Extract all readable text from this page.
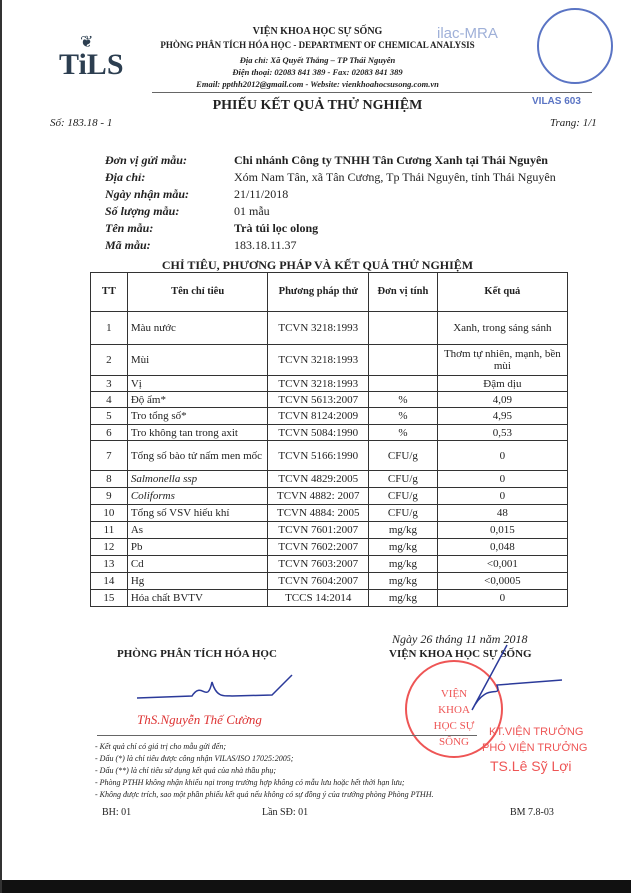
❦
TiLS
VIỆN KHOA HỌC SỰ SỐNG
PHÒNG PHÂN TÍCH HÓA HỌC - DEPARTMENT OF CHEMICAL ANALYSIS
Địa chỉ: Xã Quyết Thắng – TP Thái Nguyên
Điện thoại: 02083 841 389 - Fax: 02083 841 389
Email: ppthh2012@gmail.com - Website: vienkhoahocsusong.com.vn
ilac-MRA
VILAS 603
PHIẾU KẾT QUẢ THỬ NGHIỆM
Số: 183.18 - 1	Trang: 1/1
Đơn vị gửi mẫu:	Chi nhánh Công ty TNHH Tân Cương Xanh tại Thái Nguyên
Địa chỉ:	Xóm Nam Tân, xã Tân Cương, Tp Thái Nguyên, tỉnh Thái Nguyên
Ngày nhận mẫu:	21/11/2018
Số lượng mẫu:	01 mẫu
Tên mẫu:	Trà túi lọc olong
Mã mẫu:	183.18.11.37
CHỈ TIÊU, PHƯƠNG PHÁP VÀ KẾT QUẢ THỬ NGHIỆM
TT	Tên chỉ tiêu	Phương pháp thử	Đơn vị tính	Kết quả
1	Màu nước	TCVN 3218:1993		Xanh, trong sáng sánh
2	Mùi	TCVN 3218:1993		Thơm tự nhiên, mạnh, bền mùi
3	Vị	TCVN 3218:1993		Đậm dịu
4	Độ ẩm*	TCVN 5613:2007	%	4,09
5	Tro tổng số*	TCVN 8124:2009	%	4,95
6	Tro không tan trong axit	TCVN 5084:1990	%	0,53
7	Tổng số bào tử nấm men mốc	TCVN 5166:1990	CFU/g	0
8	Salmonella ssp	TCVN 4829:2005	CFU/g	0
9	Coliforms	TCVN 4882: 2007	CFU/g	0
10	Tổng số VSV hiếu khí	TCVN 4884: 2005	CFU/g	48
11	As	TCVN 7601:2007	mg/kg	0,015
12	Pb	TCVN 7602:2007	mg/kg	0,048
13	Cd	TCVN 7603:2007	mg/kg	<0,001
14	Hg	TCVN 7604:2007	mg/kg	<0,0005
15	Hóa chất BVTV	TCCS 14:2014	mg/kg	0
Ngày 26 tháng 11 năm 2018
PHÒNG PHÂN TÍCH HÓA HỌC	VIỆN KHOA HỌC SỰ SỐNG
ThS.Nguyễn Thế Cường
VIỆN KHOA HỌC SỰ SỐNG
KT.VIỆN TRƯỞNG
PHÓ VIỆN TRƯỞNG
TS.Lê Sỹ Lợi
- Kết quả chỉ có giá trị cho mẫu gửi đến;
- Dấu (*) là chỉ tiêu được công nhận VILAS/ISO 17025:2005;
- Dấu (**) là chỉ tiêu sử dụng kết quả của nhà thầu phụ;
- Phòng PTHH không nhận khiếu nại trong trường hợp không có mẫu lưu hoặc hết thời hạn lưu;
- Không được trích, sao một phần phiếu kết quả nếu không có sự đồng ý của trưởng phòng Phòng PTHH.
BH: 01	Lần SĐ: 01	BM 7.8-03
